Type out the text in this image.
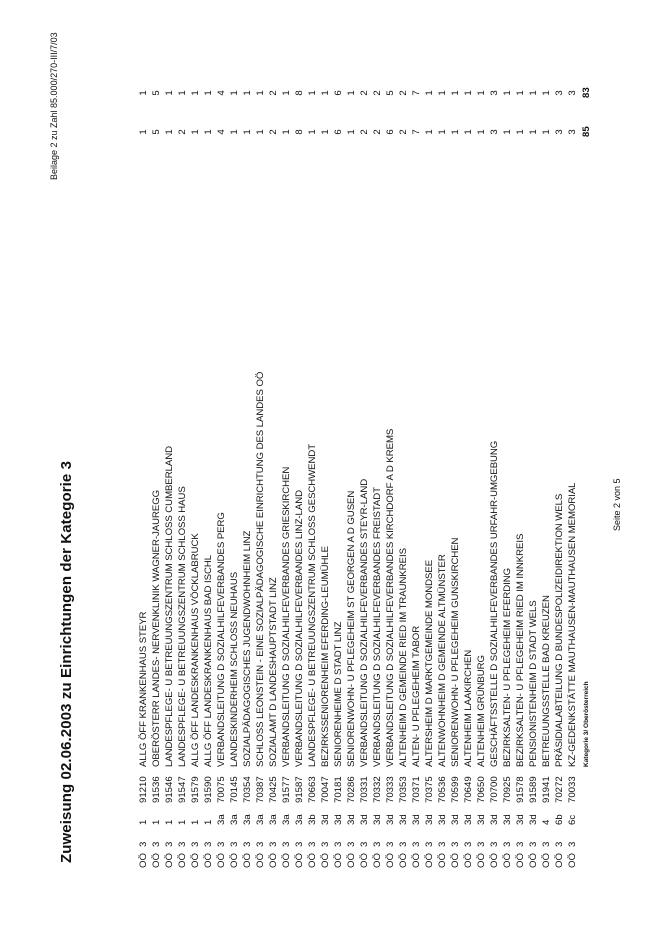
Zuweisung 02.06.2003 zu Einrichtungen der Kategorie 3
Beilage 2 zu Zahl 85.000/270-III/7/03
OÖ
3
1
91210
ALLG ÖFF KRANKENHAUS STEYR
1
1
OÖ
3
1
91536
OBERÖSTERR LANDES- NERVENKLINIK WAGNER-JAUREGG
5
5
OÖ
3
1
91546
LANDESPFLEGE- U BETREUUNGSZENTRUM SCHLOSS CUMBERLAND
1
1
OÖ
3
1
91547
LANDESPFLEGE- U BETREUUNGSZENTRUM SCHLOSS HAUS
2
1
OÖ
3
1
91579
ALLG ÖFF LANDESKRANKENHAUS VÖCKLABRUCK
1
1
OÖ
3
1
91590
ALLG ÖFF LANDESKRANKENHAUS BAD ISCHL
1
1
OÖ
3
3a
70075
VERBANDSLEITUNG D SOZIALHILFEVERBANDES PERG
4
4
OÖ
3
3a
70145
LANDESKINDERHEIM SCHLOSS NEUHAUS
1
1
OÖ
3
3a
70354
SOZIALPÄDAGOGISCHES JUGENDWOHNHEIM LINZ
1
1
OÖ
3
3a
70387
SCHLOSS LEONSTEIN - EINE SOZIALPÄDAGOGISCHE EINRICHTUNG DES LANDES OÖ
1
1
OÖ
3
3a
70425
SOZIALAMT D LANDESHAUPTSTADT LINZ
2
2
OÖ
3
3a
91577
VERBANDSLEITUNG D SOZIALHILFEVERBANDES GRIESKIRCHEN
1
1
OÖ
3
3a
91587
VERBANDSLEITUNG D SOZIALHILFEVERBANDES LINZ-LAND
8
8
OÖ
3
3b
70663
LANDESPFLEGE- U BETREUUNGSZENTRUM SCHLOSS GESCHWENDT
1
1
OÖ
3
3d
70047
BEZIRKSSENIORENHEIM EFERDING-LEUMÜHLE
1
1
OÖ
3
3d
70181
SENIORENHEIME D STADT LINZ
6
6
OÖ
3
3d
70286
SENIORENWOHN- U PFLEGEHEIM ST GEORGEN A D GUSEN
1
1
OÖ
3
3d
70331
VERBANDSLEITUNG D SOZIALHILFEVERBANDES STEYR-LAND
2
2
OÖ
3
3d
70332
VERBANDSLEITUNG D SOZIALHILFEVERBANDES FREISTADT
2
2
OÖ
3
3d
70333
VERBANDSLEITUNG D SOZIALHILFEVERBANDES KIRCHDORF A D KREMS
6
5
OÖ
3
3d
70353
ALTENHEIM D GEMEINDE RIED IM TRAUNKREIS
2
2
OÖ
3
3d
70371
ALTEN- U PFLEGEHEIM TABOR
7
7
OÖ
3
3d
70375
ALTERSHEIM D MARKTGEMEINDE MONDSEE
1
1
OÖ
3
3d
70536
ALTENWOHNHEIM D GEMEINDE ALTMÜNSTER
1
1
OÖ
3
3d
70599
SENIORENWOHN- U PFLEGEHEIM GUNSKIRCHEN
1
1
OÖ
3
3d
70649
ALTENHEIM LAAKIRCHEN
1
1
OÖ
3
3d
70650
ALTENHEIM GRÜNBURG
1
1
OÖ
3
3d
70700
GESCHÄFTSSTELLE D SOZIALHILFEVERBANDES URFAHR-UMGEBUNG
3
3
OÖ
3
3d
70925
BEZIRKSALTEN- U PFLEGEHEIM EFERDING
1
1
OÖ
3
3d
91578
BEZIRKSALTEN- U PFLEGEHEIM RIED IM INNKREIS
1
1
OÖ
3
3d
91589
PENSIONISTENHEIM D STADT WELS
1
1
OÖ
3
4
91941
BETREUUNGSSTELLE BAD KREUZEN
1
1
OÖ
3
6b
70272
PRÄSIDIALABTEILUNG D BUNDESPOLIZEIDIREKTION WELS
3
3
OÖ
3
6c
70033
KZ-GEDENKSTÄTTE MAUTHAUSEN-MAUTHAUSEN MEMORIAL
3
3
Kategorie 3/ Oberösterreich
85
83
Seite 2 von 5
